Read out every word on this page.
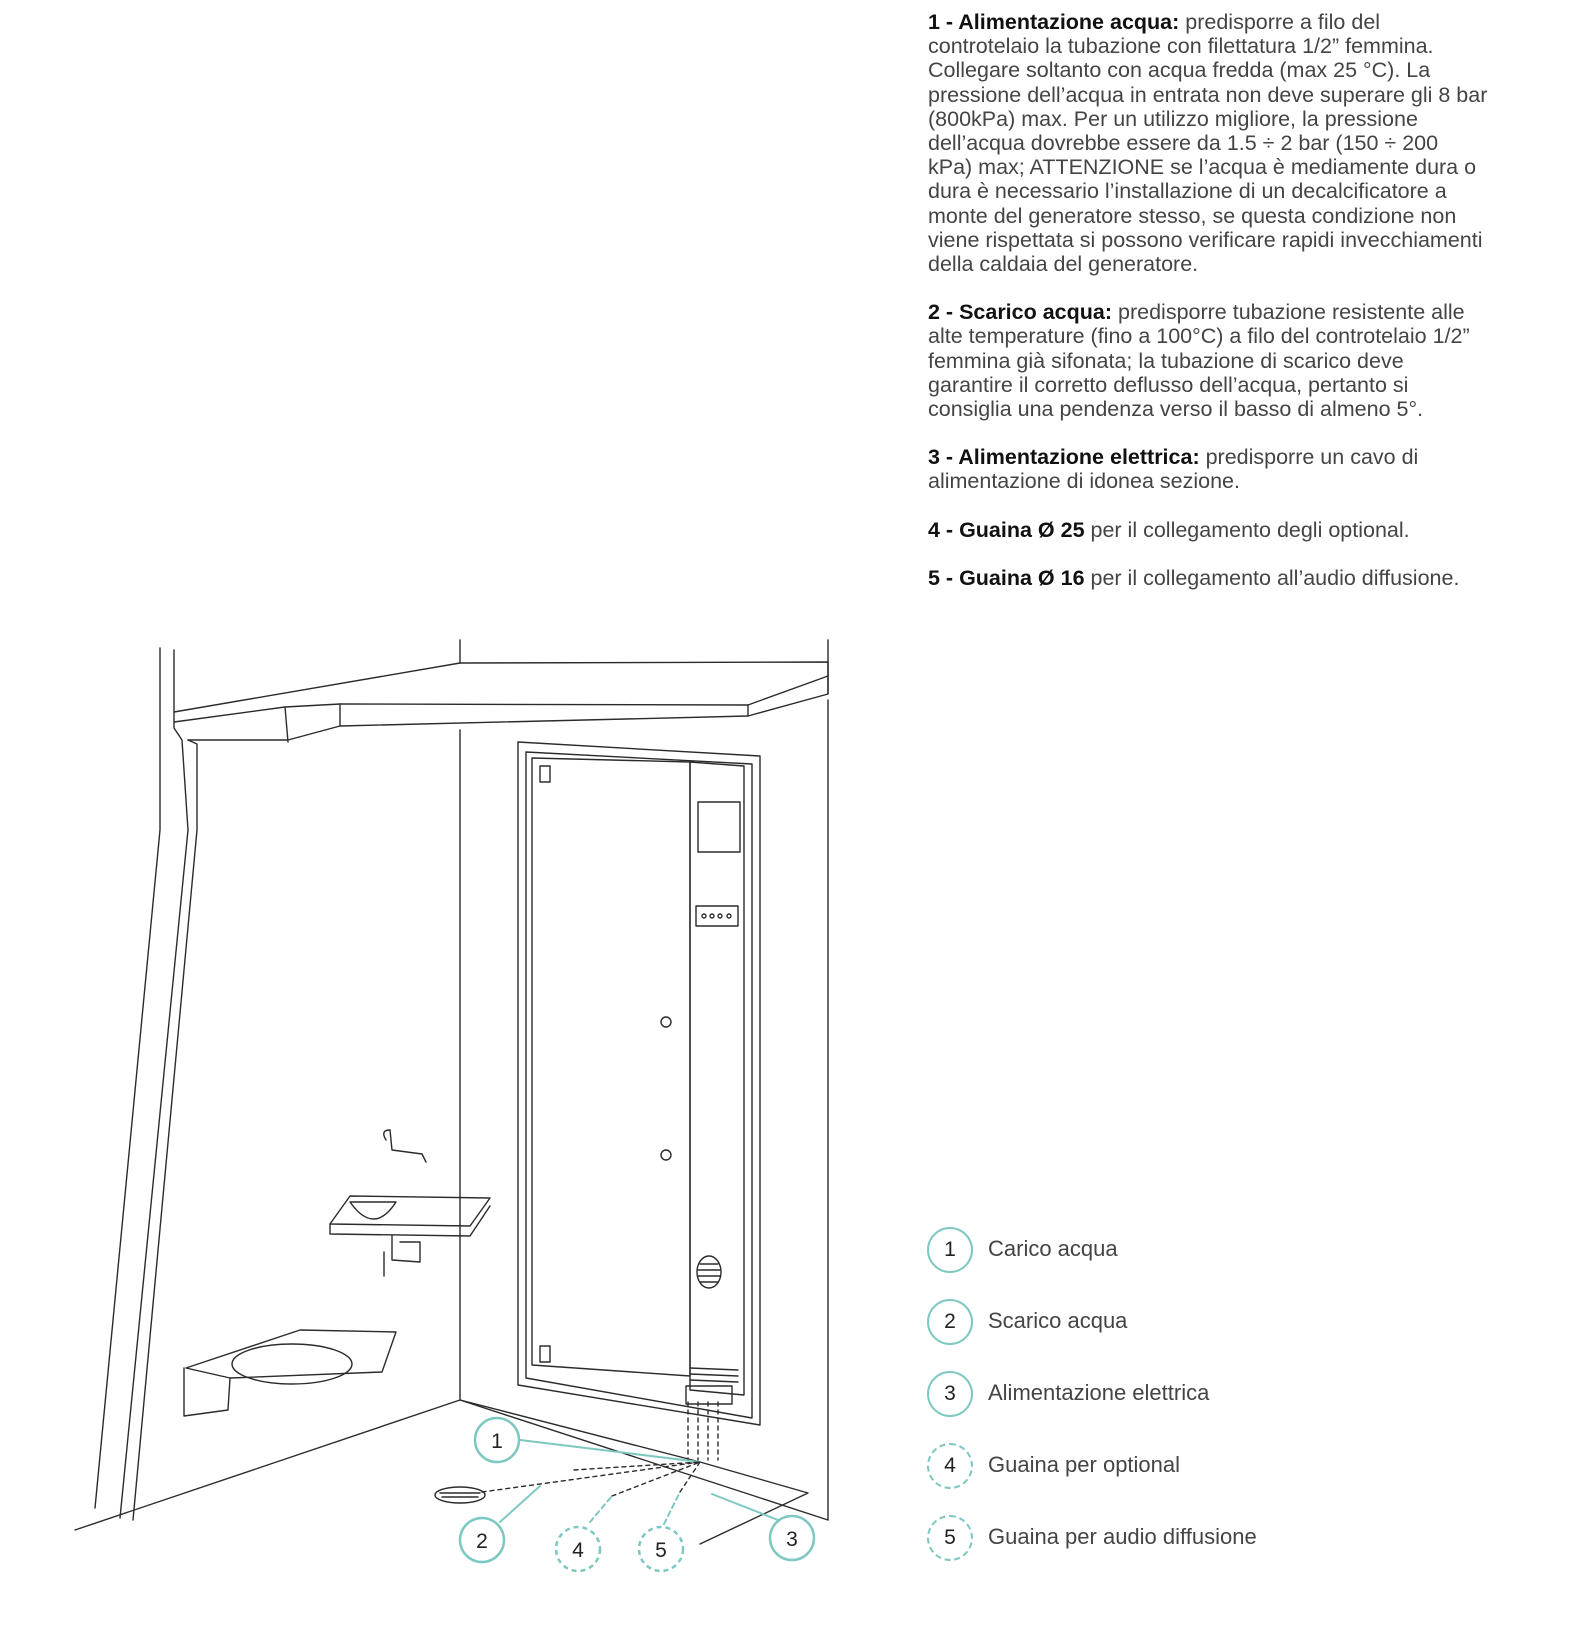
1
2	4	5	3

1 - Alimentazione acqua: predisporre a filo del controtelaio la tubazione con filettatura 1/2” femmina. Collegare soltanto con acqua fredda (max 25 °C). La pressione dell’acqua in entrata non deve superare gli 8 bar (800kPa) max. Per un utilizzo migliore, la pressione dell’acqua dovrebbe essere da 1.5 ÷ 2 bar (150 ÷ 200 kPa) max; ATTENZIONE se l’acqua è mediamente dura o dura è necessario l’installazione di un decalcificatore a monte del generatore stesso, se questa condizione non viene rispettata si possono verificare rapidi invecchiamenti della caldaia del generatore.

2 - Scarico acqua: predisporre tubazione resistente alle alte temperature (fino a 100°C) a filo del controtelaio 1/2” femmina già sifonata; la tubazione di scarico deve garantire il corretto deflusso dell’acqua, pertanto si consiglia una pendenza verso il basso di almeno 5°.

3 - Alimentazione elettrica: predisporre un cavo di alimentazione di idonea sezione.

4 - Guaina Ø 25 per il collegamento degli optional.

5 - Guaina Ø 16 per il collegamento all’audio diffusione.

1	Carico acqua
2	Scarico acqua
3	Alimentazione elettrica
4	Guaina per optional
5	Guaina per audio diffusione
